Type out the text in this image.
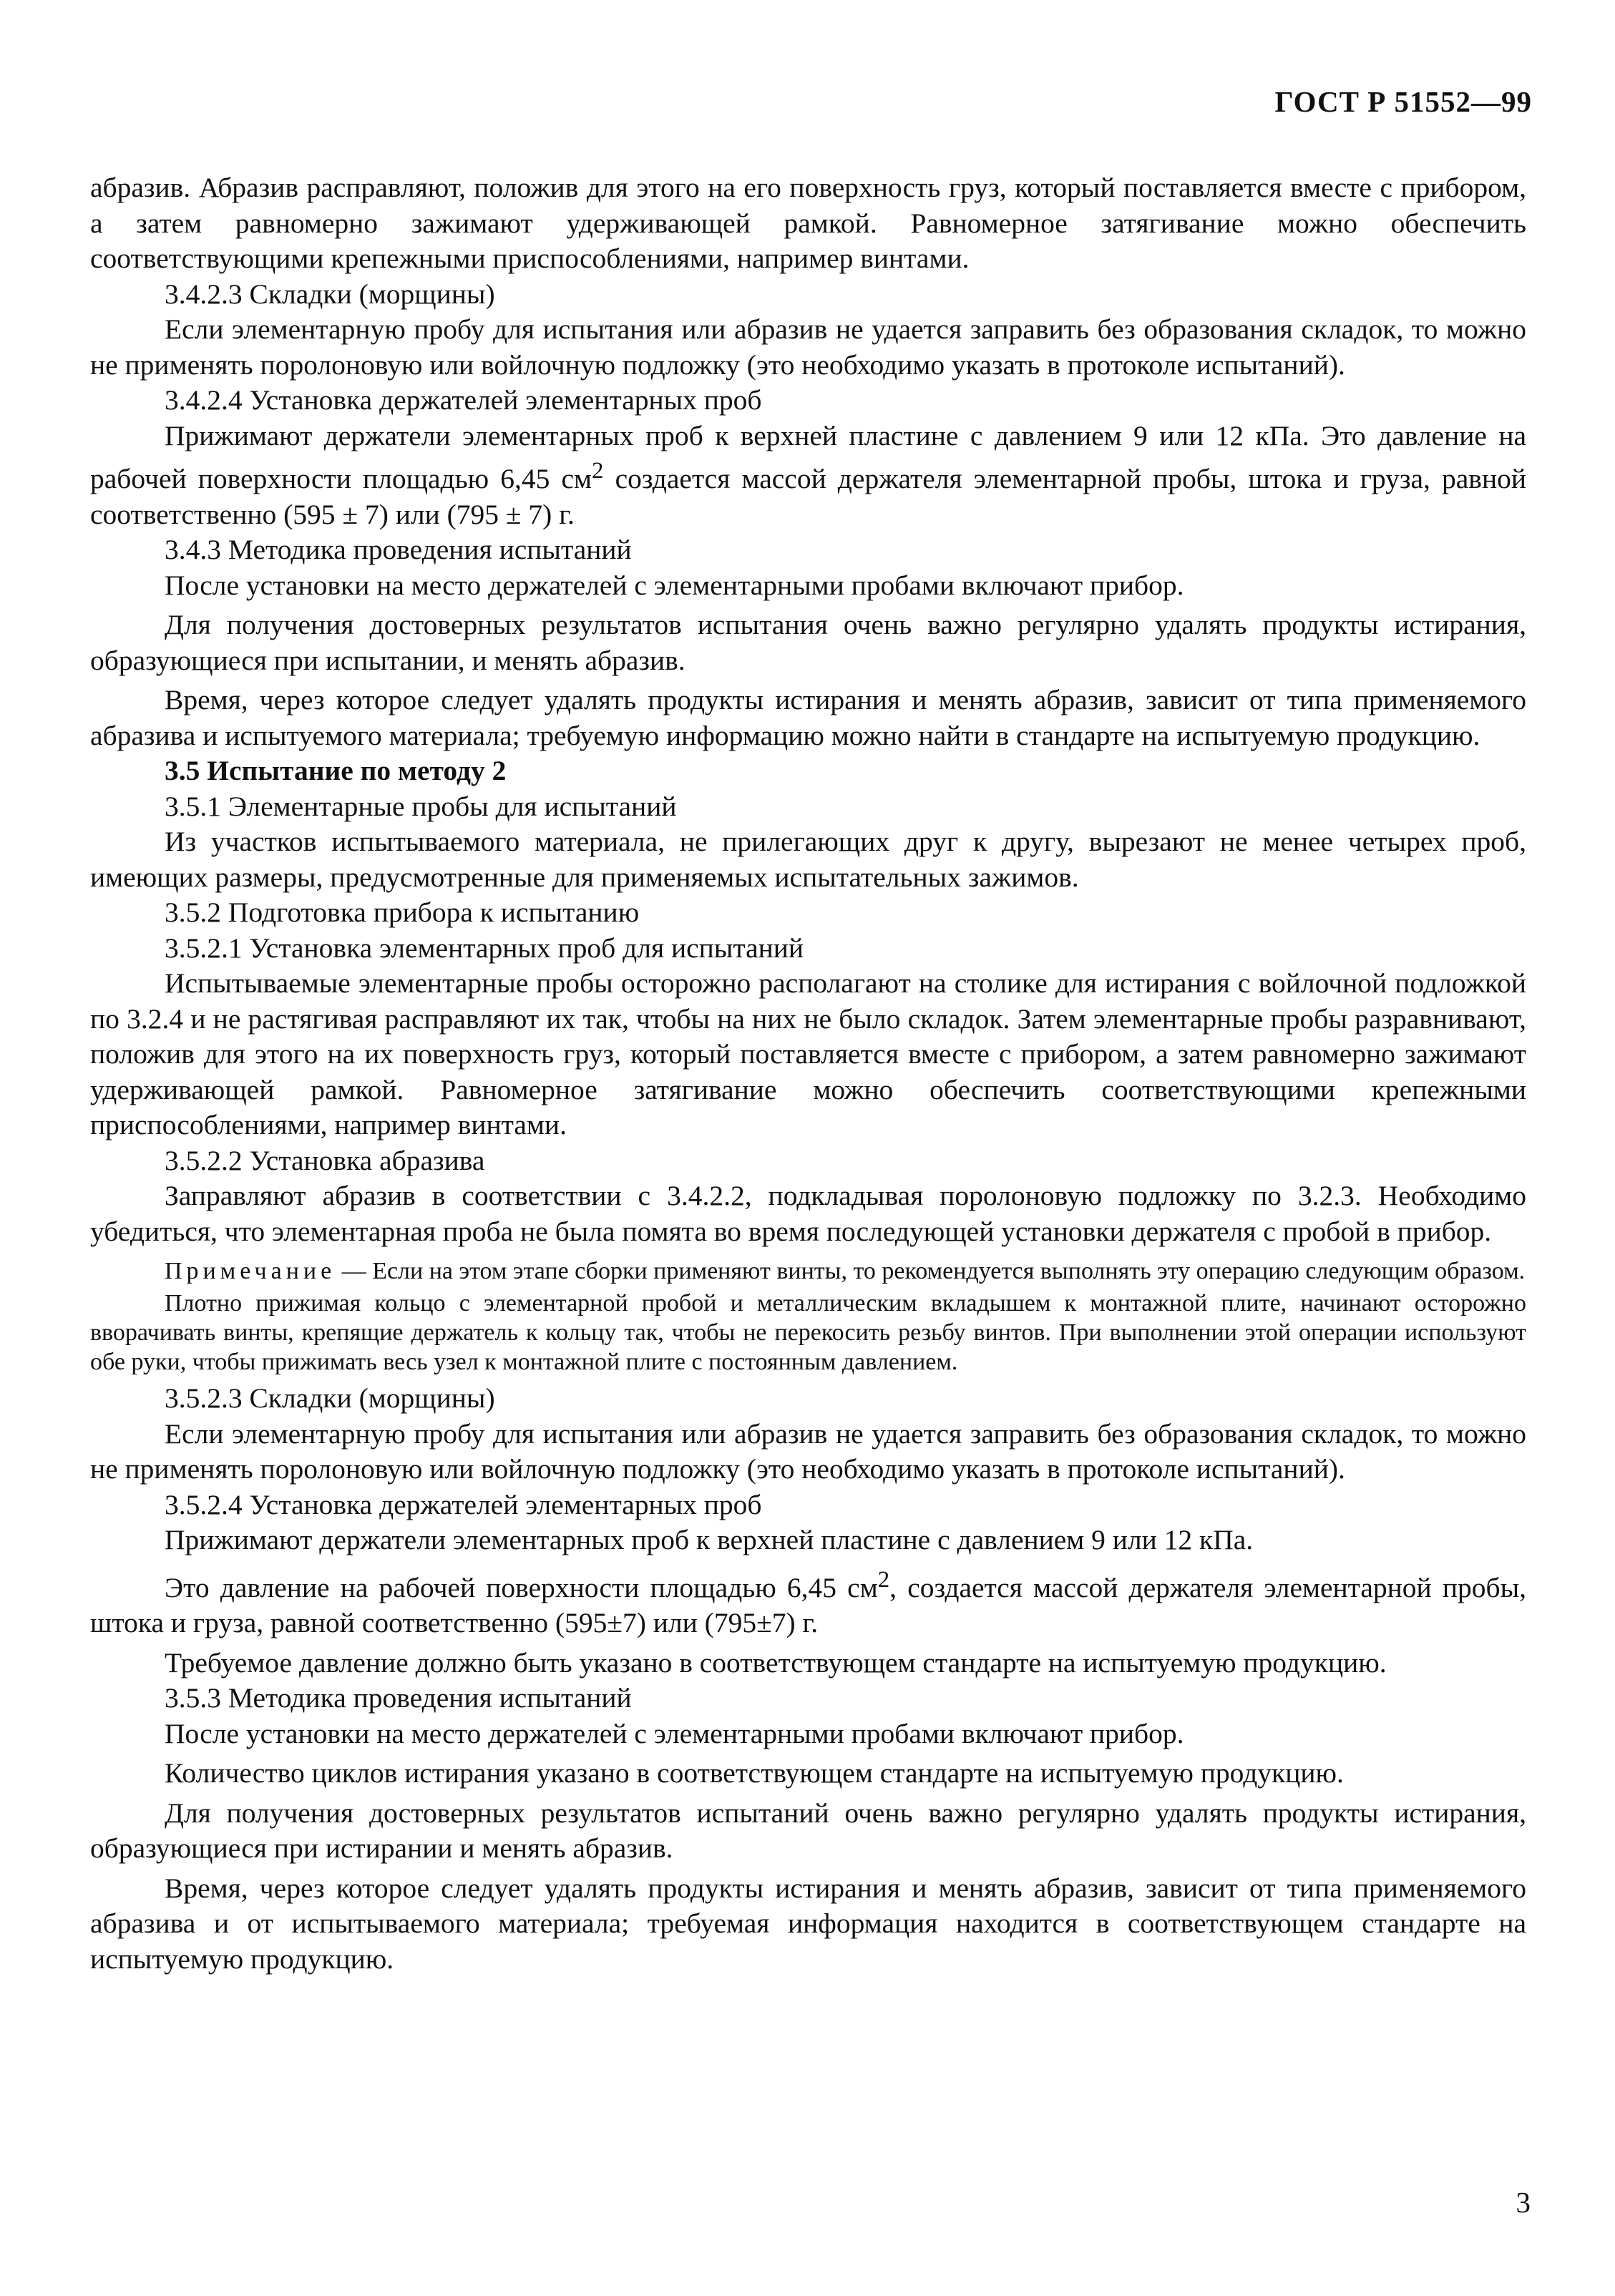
ГОСТ Р 51552—99

абразив. Абразив расправляют, положив для этого на его поверхность груз, который поставляется вместе с прибором, а затем равномерно зажимают удерживающей рамкой. Равномерное затягивание можно обеспечить соответствующими крепежными приспособлениями, например винтами.

3.4.2.3 Складки (морщины)

Если элементарную пробу для испытания или абразив не удается заправить без образования складок, то можно не применять поролоновую или войлочную подложку (это необходимо указать в протоколе испытаний).

3.4.2.4 Установка держателей элементарных проб

Прижимают держатели элементарных проб к верхней пластине с давлением 9 или 12 кПа. Это давление на рабочей поверхности площадью 6,45 $см^2$ создается массой держателя элементарной пробы, штока и груза, равной соответственно (595 ± 7) или (795 ± 7) г.

3.4.3 Методика проведения испытаний

После установки на место держателей с элементарными пробами включают прибор.

Для получения достоверных результатов испытания очень важно регулярно удалять продукты истирания, образующиеся при испытании, и менять абразив.

Время, через которое следует удалять продукты истирания и менять абразив, зависит от типа применяемого абразива и испытуемого материала; требуемую информацию можно найти в стандарте на испытуемую продукцию.

3.5 Испытание по методу 2

3.5.1 Элементарные пробы для испытаний

Из участков испытываемого материала, не прилегающих друг к другу, вырезают не менее четырех проб, имеющих размеры, предусмотренные для применяемых испытательных зажимов.

3.5.2 Подготовка прибора к испытанию

3.5.2.1 Установка элементарных проб для испытаний

Испытываемые элементарные пробы осторожно располагают на столике для истирания с войлочной подложкой по 3.2.4 и не растягивая расправляют их так, чтобы на них не было складок. Затем элементарные пробы разравнивают, положив для этого на их поверхность груз, который поставляется вместе с прибором, а затем равномерно зажимают удерживающей рамкой. Равномерное затягивание можно обеспечить соответствующими крепежными приспособлениями, например винтами.

3.5.2.2 Установка абразива

Заправляют абразив в соответствии с 3.4.2.2, подкладывая поролоновую подложку по 3.2.3. Необходимо убедиться, что элементарная проба не была помята во время последующей установки держателя с пробой в прибор.

Примечание — Если на этом этапе сборки применяют винты, то рекомендуется выполнять эту операцию следующим образом.

Плотно прижимая кольцо с элементарной пробой и металлическим вкладышем к монтажной плите, начинают осторожно вворачивать винты, крепящие держатель к кольцу так, чтобы не перекосить резьбу винтов. При выполнении этой операции используют обе руки, чтобы прижимать весь узел к монтажной плите с постоянным давлением.

3.5.2.3 Складки (морщины)

Если элементарную пробу для испытания или абразив не удается заправить без образования складок, то можно не применять поролоновую или войлочную подложку (это необходимо указать в протоколе испытаний).

3.5.2.4 Установка держателей элементарных проб

Прижимают держатели элементарных проб к верхней пластине с давлением 9 или 12 кПа.

Это давление на рабочей поверхности площадью 6,45 $см^2$, создается массой держателя элементарной пробы, штока и груза, равной соответственно (595±7) или (795±7) г.

Требуемое давление должно быть указано в соответствующем стандарте на испытуемую продукцию.

3.5.3 Методика проведения испытаний

После установки на место держателей с элементарными пробами включают прибор.

Количество циклов истирания указано в соответствующем стандарте на испытуемую продукцию.

Для получения достоверных результатов испытаний очень важно регулярно удалять продукты истирания, образующиеся при истирании и менять абразив.

Время, через которое следует удалять продукты истирания и менять абразив, зависит от типа применяемого абразива и от испытываемого материала; требуемая информация находится в соответствующем стандарте на испытуемую продукцию.

3
